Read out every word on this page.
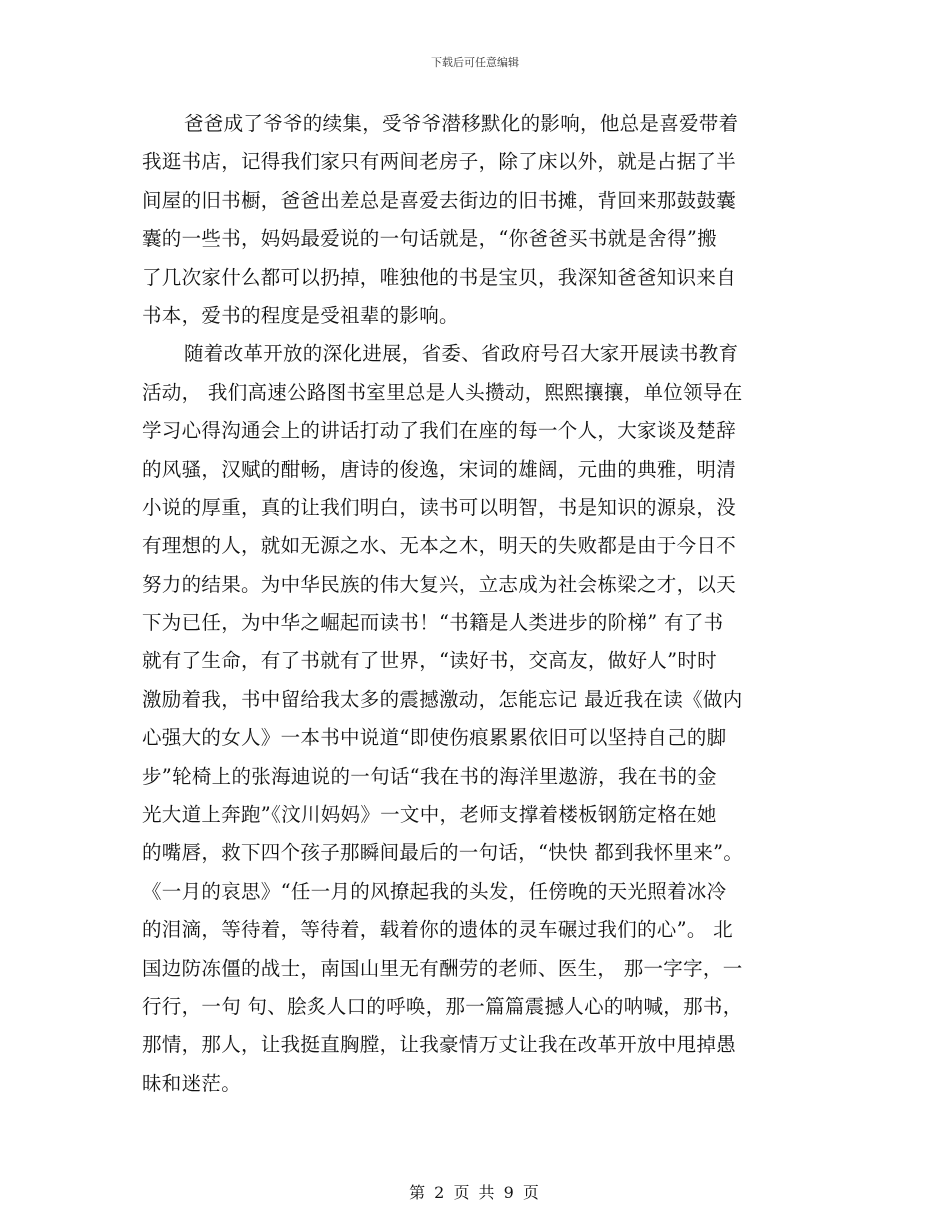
下载后可任意编辑
爸爸成了爷爷的续集，受爷爷潜移默化的影响，他总是喜爱带着
我逛书店，记得我们家只有两间老房子，除了床以外，就是占据了半
间屋的旧书橱，爸爸出差总是喜爱去街边的旧书摊，背回来那鼓鼓囊
囊的一些书，妈妈最爱说的一句话就是，“你爸爸买书就是舍得”搬
了几次家什么都可以扔掉，唯独他的书是宝贝，我深知爸爸知识来自
书本，爱书的程度是受祖辈的影响。
随着改革开放的深化进展，省委、省政府号召大家开展读书教育
活动， 我们高速公路图书室里总是人头攒动，熙熙攘攘，单位领导在
学习心得沟通会上的讲话打动了我们在座的每一个人，大家谈及楚辞
的风骚，汉赋的酣畅，唐诗的俊逸，宋词的雄阔，元曲的典雅，明清
小说的厚重，真的让我们明白，读书可以明智，书是知识的源泉，没
有理想的人，就如无源之水、无本之木，明天的失败都是由于今日不
努力的结果。为中华民族的伟大复兴，立志成为社会栋梁之才，以天
下为已任，为中华之崛起而读书！“书籍是人类进步的阶梯” 有了书
就有了生命，有了书就有了世界，“读好书，交高友，做好人”时时
激励着我，书中留给我太多的震撼激动，怎能忘记 最近我在读《做内
心强大的女人》一本书中说道“即使伤痕累累依旧可以坚持自己的脚
步”轮椅上的张海迪说的一句话“我在书的海洋里遨游，我在书的金
光大道上奔跑”《汶川妈妈》一文中，老师支撑着楼板钢筋定格在她
的嘴唇，救下四个孩子那瞬间最后的一句话，“快快 都到我怀里来”。
《一月的哀思》“任一月的风撩起我的头发，任傍晚的天光照着冰冷
的泪滴，等待着，等待着，载着你的遗体的灵车碾过我们的心”。 北
国边防冻僵的战士，南国山里无有酬劳的老师、医生， 那一字字，一
行行，一句 句、脍炙人口的呼唤，那一篇篇震撼人心的呐喊，那书，
那情，那人，让我挺直胸膛，让我豪情万丈让我在改革开放中甩掉愚
昧和迷茫。
第 2 页 共 9 页
